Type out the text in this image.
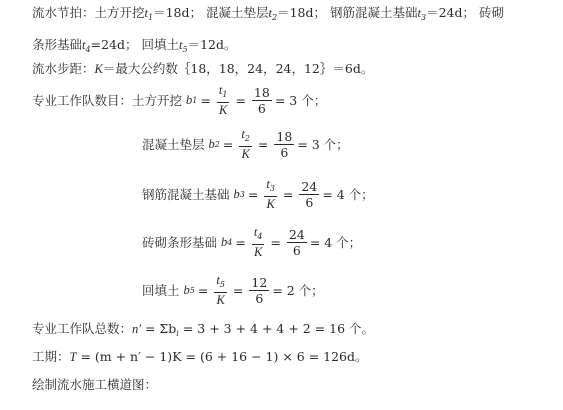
流水节拍：土方开挖$t_1=18d$； 混凝土垫层$t_2=18d$； 钢筋混凝土基础$t_3=24d$； 砖砌
条形基础$t_4=24d$； 回填土$t_5=12d$。
流水步距：K＝最大公约数｛18，18，24，24，12｝＝6d。
专业工作队数目： 土方开挖 b $1 = \frac{t_1}{K} = \frac{18}{6} = 3$ 个；
混凝土垫层 b $2 = \frac{t_2}{K} = \frac{18}{6} = 3$ 个；
钢筋混凝土基础 b $3 = \frac{t_3}{K} = \frac{24}{6} = 4$ 个；
砖砌条形基础 b $4 = \frac{t_4}{K} = \frac{24}{6} = 4$ 个；
回填土 b $5 = \frac{t_5}{K} = \frac{12}{6} = 2$ 个；
专业工作队总数：$n' = \Sigma b_i = 3 + 3 + 4 + 4 + 2 = 16$ 个。
工期：T = (m + n′ − 1)K = (6 + 16 − 1) × 6 = 126d。
绘制流水施工横道图：
